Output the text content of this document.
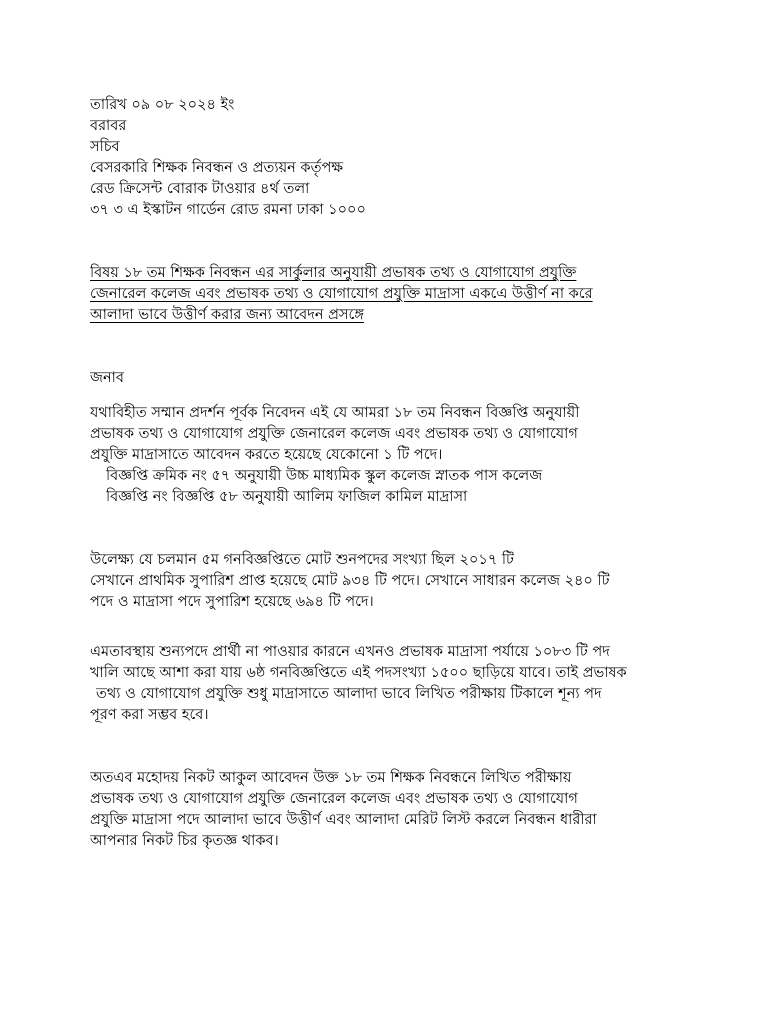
তারিখ ০৯ ০৮ ২০২৪ ইং
বরাবর
সচিব
বেসরকারি শিক্ষক নিবন্ধন ও প্রত্যয়ন কর্তৃপক্ষ
রেড ক্রিসেন্ট বোরাক টাওয়ার ৪র্থ তলা
৩৭ ৩ এ ইস্কাটন গার্ডেন রোড রমনা ঢাকা ১০০০
বিষয় ১৮ তম শিক্ষক নিবন্ধন এর সার্কুলার অনুযায়ী প্রভাষক তথ্য ও যোগাযোগ প্রযুক্তি
জেনারেল কলেজ এবং প্রভাষক তথ্য ও যোগাযোগ প্রযুক্তি মাদ্রাসা একএে উত্তীর্ণ না করে
আলাদা ভাবে উত্তীর্ণ করার জন্য আবেদন প্রসঙ্গে
জনাব
যথাবিহীত সম্মান প্রদর্শন পূর্বক নিবেদন এই যে আমরা ১৮ তম নিবন্ধন বিজ্ঞপ্তি অনুযায়ী
প্রভাষক তথ্য ও যোগাযোগ প্রযুক্তি জেনারেল কলেজ এবং প্রভাষক তথ্য ও যোগাযোগ
প্রযুক্তি মাদ্রাসাতে আবেদন করতে হয়েছে যেকোনো ১ টি পদে।
বিজ্ঞপ্তি ক্রমিক নং ৫৭ অনুযায়ী উচ্চ মাধ্যমিক স্কুল কলেজ স্নাতক পাস কলেজ
বিজ্ঞপ্তি নং বিজ্ঞপ্তি ৫৮ অনুযায়ী আলিম ফাজিল কামিল মাদ্রাসা
উলেক্ষ্য যে চলমান ৫ম গনবিজ্ঞপ্তিতে মোট শুনপদের সংখ্যা ছিল ২০১৭ টি
সেখানে প্রাথমিক সুপারিশ প্রাপ্ত হয়েছে মোট ৯৩৪ টি পদে। সেখানে সাধারন কলেজ ২৪০ টি
পদে ও মাদ্রাসা পদে সুপারিশ হয়েছে ৬৯৪ টি পদে।
এমতাবস্থায় শুন্যপদে প্রার্থী না পাওয়ার কারনে এখনও প্রভাষক মাদ্রাসা পর্যায়ে ১০৮৩ টি পদ
খালি আছে আশা করা যায় ৬ষ্ঠ গনবিজ্ঞপ্তিতে এই পদসংখ্যা ১৫০০ ছাড়িয়ে যাবে। তাই প্রভাষক
তথ্য ও যোগাযোগ প্রযুক্তি শুধু মাদ্রাসাতে আলাদা ভাবে লিখিত পরীক্ষায় টিকালে শূন্য পদ
পূরণ করা সম্ভব হবে।
অতএব মহোদয় নিকট আকুল আবেদন উক্ত ১৮ তম শিক্ষক নিবন্ধনে লিখিত পরীক্ষায়
প্রভাষক তথ্য ও যোগাযোগ প্রযুক্তি জেনারেল কলেজ এবং প্রভাষক তথ্য ও যোগাযোগ
প্রযুক্তি মাদ্রাসা পদে আলাদা ভাবে উত্তীর্ণ এবং আলাদা মেরিট লিস্ট করলে নিবন্ধন ধারীরা
আপনার নিকট চির কৃতজ্ঞ থাকব।
